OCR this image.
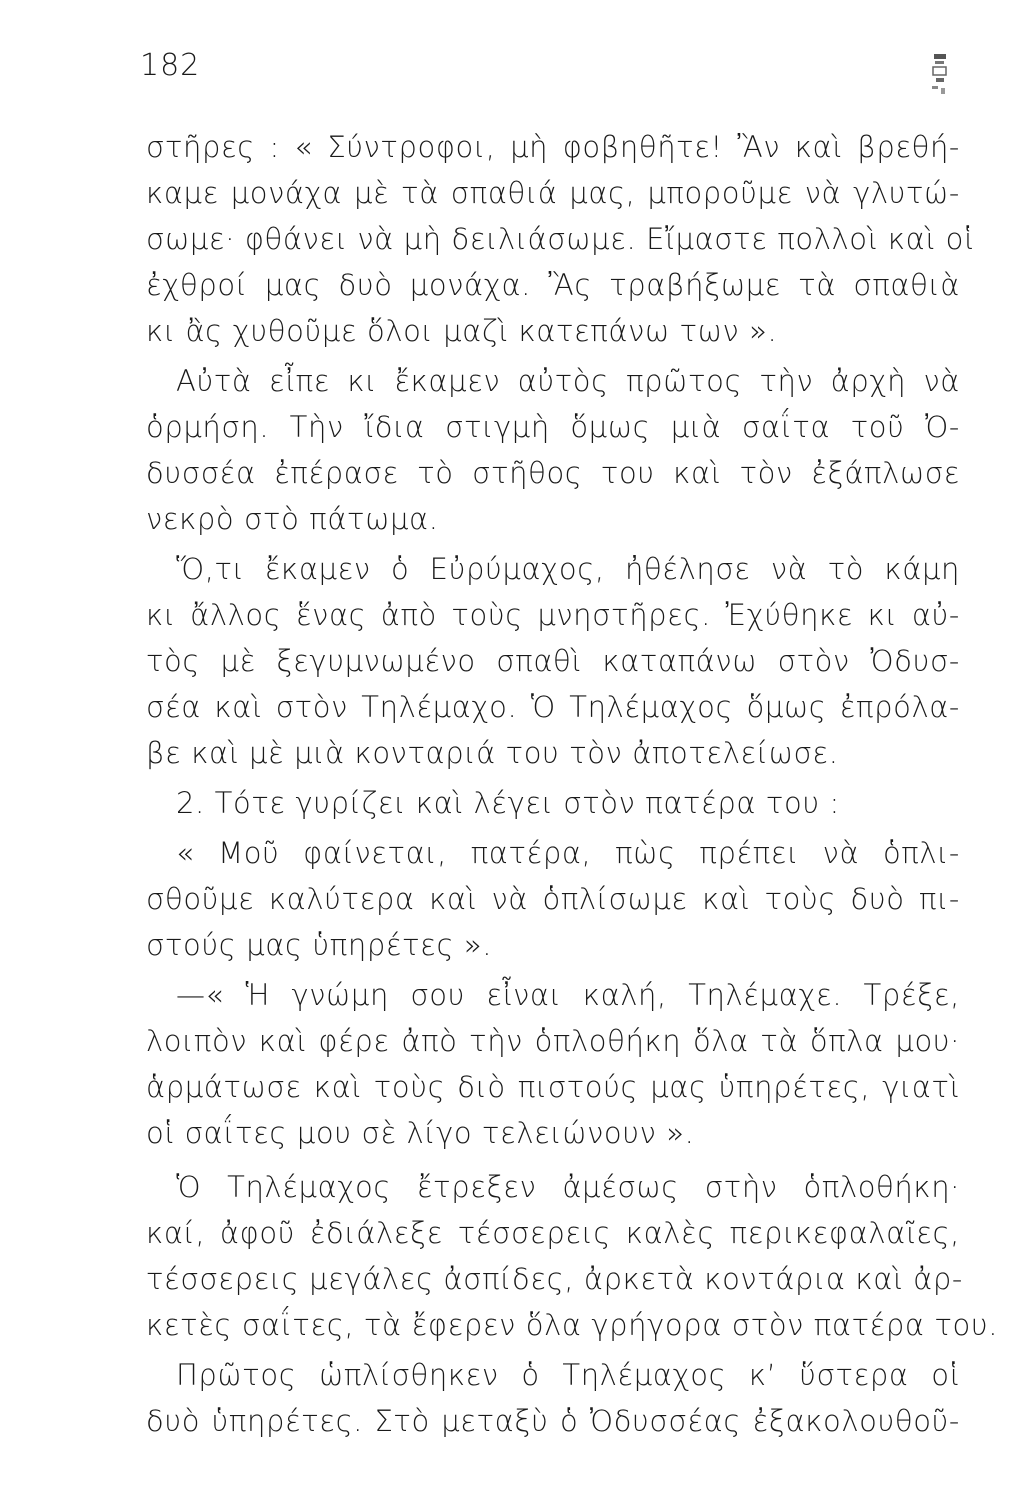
182
στῆρες : « Σύντροφοι, μὴ φοβηθῆτε! Ἂν καὶ βρεθή-
καμε μονάχα μὲ τὰ σπαθιά μας, μποροῦμε νὰ γλυτώ-
σωμε· φθάνει νὰ μὴ δειλιάσωμε. Εἴμαστε πολλοὶ καὶ οἱ
ἐχθροί μας δυὸ μονάχα. Ἂς τραβήξωμε τὰ σπαθιὰ
κι ἂς χυθοῦμε ὅλοι μαζὶ κατεπάνω των ».
Αὐτὰ εἶπε κι ἔκαμεν αὐτὸς πρῶτος τὴν ἀρχὴ νὰ
ὁρμήση. Τὴν ἴδια στιγμὴ ὅμως μιὰ σαΐτα τοῦ Ὀ-
δυσσέα ἐπέρασε τὸ στῆθος του καὶ τὸν ἐξάπλωσε
νεκρὸ στὸ πάτωμα.
Ὅ,τι ἔκαμεν ὁ Εὐρύμαχος, ἠθέλησε νὰ τὸ κάμη
κι ἄλλος ἕνας ἀπὸ τοὺς μνηστῆρες. Ἐχύθηκε κι αὐ-
τὸς μὲ ξεγυμνωμένο σπαθὶ καταπάνω στὸν Ὀδυσ-
σέα καὶ στὸν Τηλέμαχο. Ὁ Τηλέμαχος ὅμως ἐπρόλα-
βε καὶ μὲ μιὰ κονταριά του τὸν ἀποτελείωσε.
2. Τότε γυρίζει καὶ λέγει στὸν πατέρα του :
« Μοῦ φαίνεται, πατέρα, πὼς πρέπει νὰ ὁπλι-
σθοῦμε καλύτερα καὶ νὰ ὁπλίσωμε καὶ τοὺς δυὸ πι-
στούς μας ὑπηρέτες ».
—« Ἡ γνώμη σου εἶναι καλή, Τηλέμαχε. Τρέξε,
λοιπὸν καὶ φέρε ἀπὸ τὴν ὁπλοθήκη ὅλα τὰ ὅπλα μου·
ἁρμάτωσε καὶ τοὺς διὸ πιστούς μας ὑπηρέτες, γιατὶ
οἱ σαΐτες μου σὲ λίγο τελειώνουν ».
Ὁ Τηλέμαχος ἔτρεξεν ἀμέσως στὴν ὁπλοθήκη·
καί, ἀφοῦ ἐδιάλεξε τέσσερεις καλὲς περικεφαλαῖες,
τέσσερεις μεγάλες ἀσπίδες, ἀρκετὰ κοντάρια καὶ ἀρ-
κετὲς σαΐτες, τὰ ἔφερεν ὅλα γρήγορα στὸν πατέρα του.
Πρῶτος ὡπλίσθηκεν ὁ Τηλέμαχος κ’ ὕστερα οἱ
δυὸ ὑπηρέτες. Στὸ μεταξὺ ὁ Ὀδυσσέας ἐξακολουθοῦ-
